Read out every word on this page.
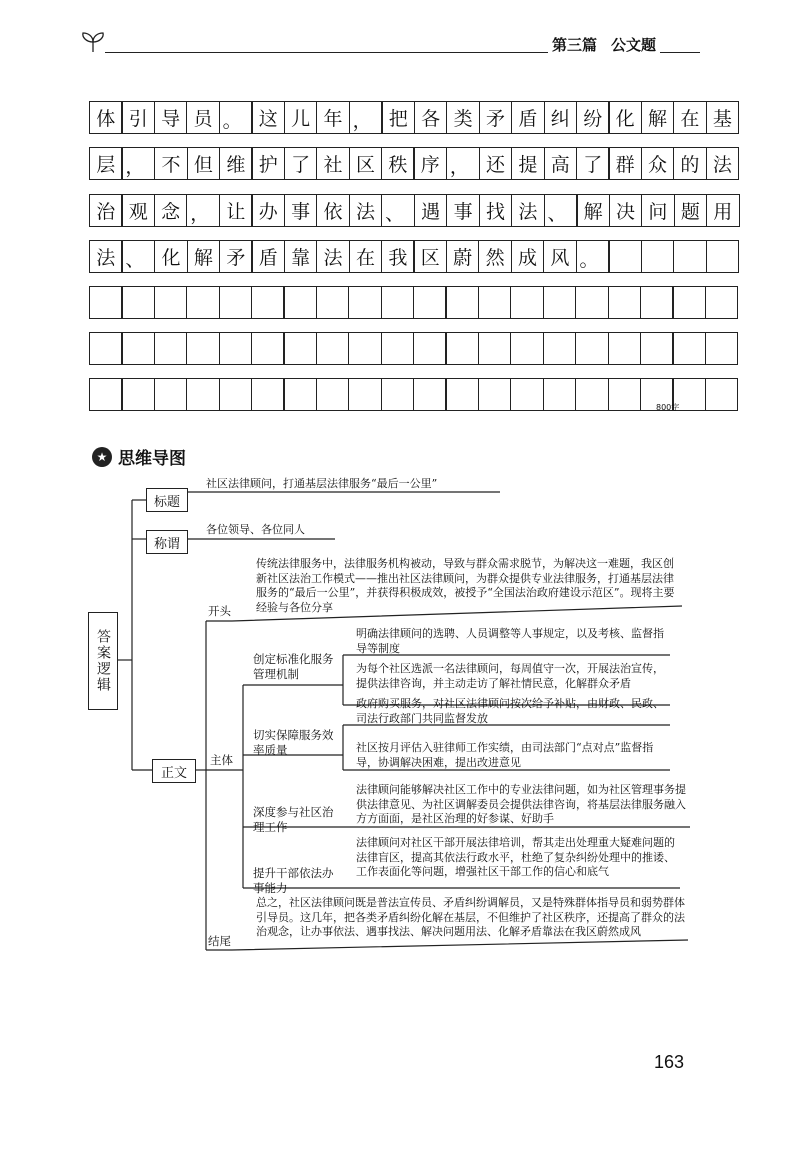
第三篇 公文题
体 引 导 员 。 这 儿 年 ， 把 各 类 矛 盾 纠 纷 化 解 在 基
层 ， 不 但 维 护 了 社 区 秩 序 ， 还 提 高 了 群 众 的 法
治 观 念 ， 让 办 事 依 法 、 遇 事 找 法 、 解 决 问 题 用
法 、 化 解 矛 盾 靠 法 在 我 区 蔚 然 成 风 。
800字
★ 思维导图
答案逻辑
标题
社区法律顾问，打通基层法律服务“最后一公里”
称谓
各位领导、各位同人
正文
开头
传统法律服务中，法律服务机构被动，导致与群众需求脱节，为解决这一难题，我区创新社区法治工作模式——推出社区法律顾问，为群众提供专业法律服务，打通基层法律服务的“最后一公里”，并获得积极成效，被授予“全国法治政府建设示范区”。现将主要经验与各位分享
主体
创定标准化服务管理机制
明确法律顾问的选聘、人员调整等人事规定，以及考核、监督指导等制度
为每个社区选派一名法律顾问，每周值守一次，开展法治宣传，提供法律咨询，并主动走访了解社情民意，化解群众矛盾
切实保障服务效率质量
政府购买服务，对社区法律顾问按次给予补贴，由财政、民政、司法行政部门共同监督发放
社区按月评估入驻律师工作实绩，由司法部门“点对点”监督指导，协调解决困难，提出改进意见
深度参与社区治理工作
法律顾问能够解决社区工作中的专业法律问题，如为社区管理事务提供法律意见、为社区调解委员会提供法律咨询，将基层法律服务融入方方面面，是社区治理的好参谋、好助手
提升干部依法办事能力
法律顾问对社区干部开展法律培训，帮其走出处理重大疑难问题的法律盲区，提高其依法行政水平，杜绝了复杂纠纷处理中的推诿、工作表面化等问题，增强社区干部工作的信心和底气
结尾
总之，社区法律顾问既是普法宣传员、矛盾纠纷调解员，又是特殊群体指导员和弱势群体引导员。这几年，把各类矛盾纠纷化解在基层，不但维护了社区秩序，还提高了群众的法治观念，让办事依法、遇事找法、解决问题用法、化解矛盾靠法在我区蔚然成风
163
